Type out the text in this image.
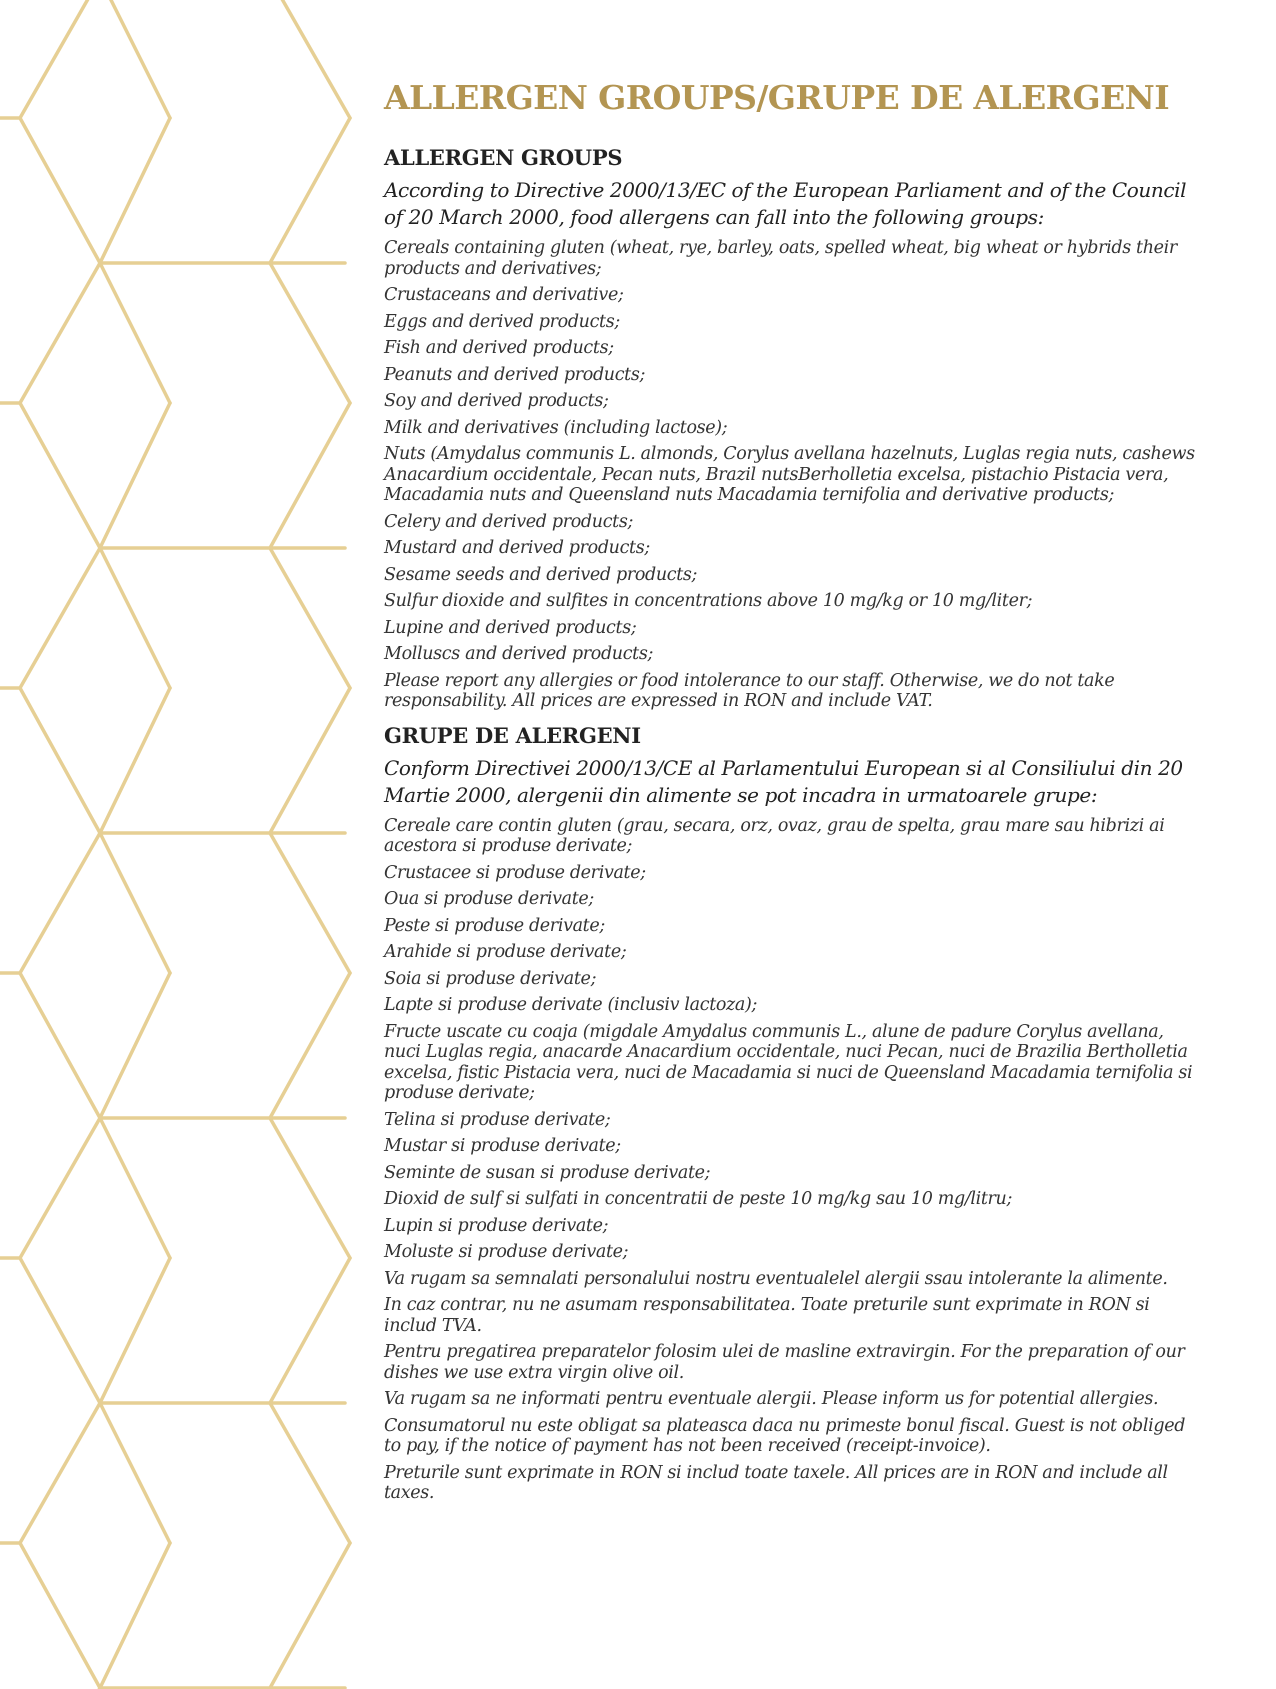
ALLERGEN GROUPS/GRUPE DE ALERGENI
ALLERGEN GROUPS

According to Directive 2000/13/EC of the European Parliament and of the Council of 20 March 2000, food allergens can fall into the following groups:

Cereals containing gluten (wheat, rye, barley, oats, spelled wheat, big wheat or hybrids their products and derivatives;
Crustaceans and derivative;
Eggs and derived products;
Fish and derived products;
Peanuts and derived products;
Soy and derived products;
Milk and derivatives (including lactose);
Nuts (Amydalus communis L. almonds, Corylus avellana hazelnuts, Luglas regia nuts, cashews Anacardium occidentale, Pecan nuts, Brazil nutsBerholletia excelsa, pistachio Pistacia vera, Macadamia nuts and Queensland nuts Macadamia ternifolia and derivative products;
Celery and derived products;
Mustard and derived products;
Sesame seeds and derived products;
Sulfur dioxide and sulfites in concentrations above 10 mg/kg or 10 mg/liter;
Lupine and derived products;
Molluscs and derived products;
Please report any allergies or food intolerance to our staff. Otherwise, we do not take responsability. All prices are expressed in RON and include VAT.
GRUPE DE ALERGENI

Conform Directivei 2000/13/CE al Parlamentului European si al Consiliului din 20 Martie 2000, alergenii din alimente se pot incadra in urmatoarele grupe:

Cereale care contin gluten (grau, secara, orz, ovaz, grau de spelta, grau mare sau hibrizi ai acestora si produse derivate;
Crustacee si produse derivate;
Oua si produse derivate;
Peste si produse derivate;
Arahide si produse derivate;
Soia si produse derivate;
Lapte si produse derivate (inclusiv lactoza);
Fructe uscate cu coaja (migdale Amydalus communis L., alune de padure Corylus avellana, nuci Luglas regia, anacarde Anacardium occidentale, nuci Pecan, nuci de Brazilia Bertholletia excelsa, fistic Pistacia vera, nuci de Macadamia si nuci de Queensland Macadamia ternifolia si produse derivate;
Telina si produse derivate;
Mustar si produse derivate;
Seminte de susan si produse derivate;
Dioxid de sulf si sulfati in concentratii de peste 10 mg/kg sau 10 mg/litru;
Lupin si produse derivate;
Moluste si produse derivate;
Va rugam sa semnalati personalului nostru eventualelel alergii ssau intolerante la alimente.
In caz contrar, nu ne asumam responsabilitatea. Toate preturile sunt exprimate in RON si includ TVA.
Pentru pregatirea preparatelor folosim ulei de masline extravirgin. For the preparation of our dishes we use extra virgin olive oil.
Va rugam sa ne informati pentru eventuale alergii. Please inform us for potential allergies.
Consumatorul nu este obligat sa plateasca daca nu primeste bonul fiscal. Guest is not obliged to pay, if the notice of payment has not been received (receipt-invoice).
Preturile sunt exprimate in RON si includ toate taxele. All prices are in RON and include all taxes.
